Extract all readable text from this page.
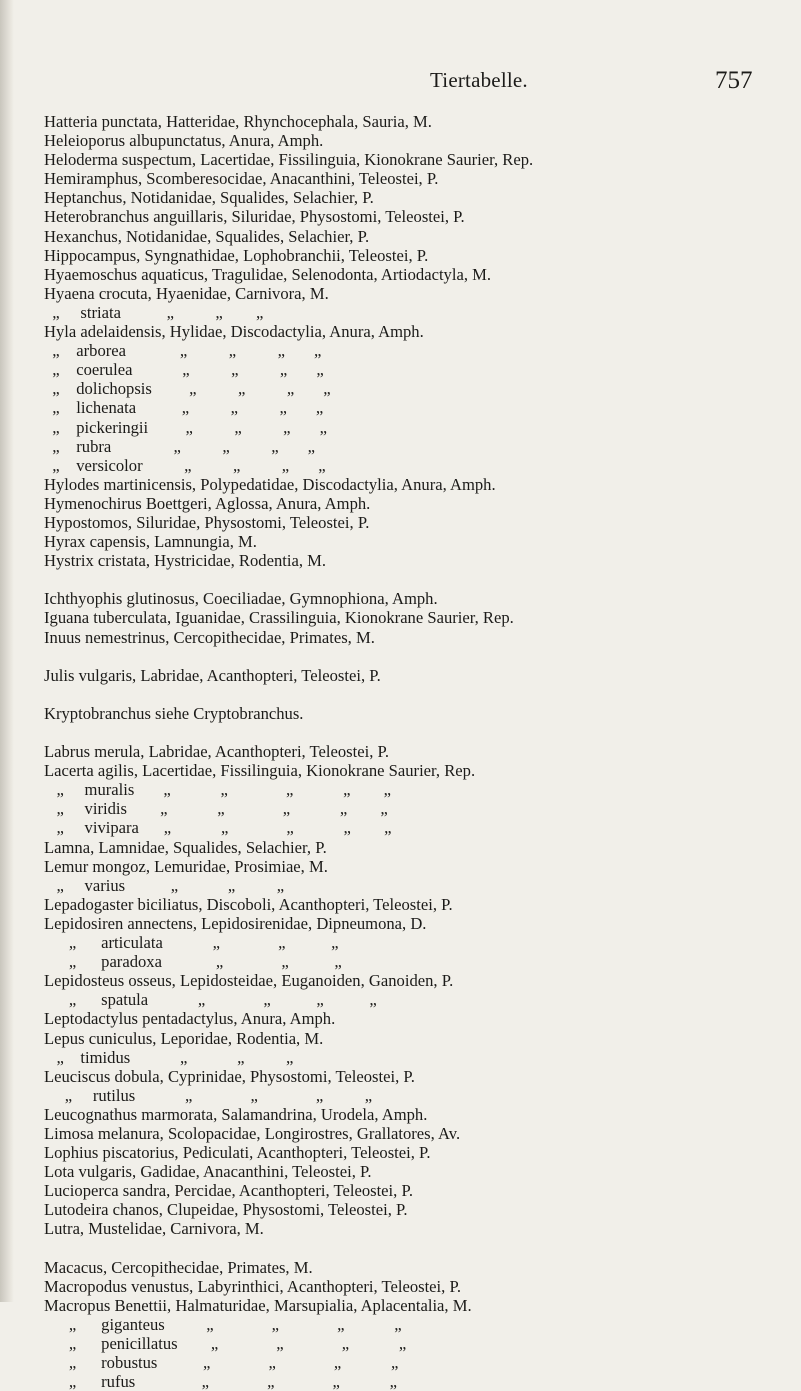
Tiertabelle.	757
Hatteria punctata, Hatteridae, Rhynchocephala, Sauria, M.
Heleioporus albupunctatus, Anura, Amph.
Heloderma suspectum, Lacertidae, Fissilinguia, Kionokrane Saurier, Rep.
Hemiramphus, Scomberesocidae, Anacanthini, Teleostei, P.
Heptanchus, Notidanidae, Squalides, Selachier, P.
Heterobranchus anguillaris, Siluridae, Physostomi, Teleostei, P.
Hexanchus, Notidanidae, Squalides, Selachier, P.
Hippocampus, Syngnathidae, Lophobranchii, Teleostei, P.
Hyaemoschus aquaticus, Tragulidae, Selenodonta, Artiodactyla, M.
Hyaena crocuta, Hyaenidae, Carnivora, M.
„     striata           „          „        „
Hyla adelaidensis, Hylidae, Discodactylia, Anura, Amph.
„    arborea             „          „          „       „
„    coerulea            „          „          „       „
„    dolichopsis         „          „          „       „
„    lichenata           „          „          „       „
„    pickeringii         „          „          „       „
„    rubra               „          „          „       „
„    versicolor          „          „          „       „
Hylodes martinicensis, Polypedatidae, Discodactylia, Anura, Amph.
Hymenochirus Boettgeri, Aglossa, Anura, Amph.
Hypostomos, Siluridae, Physostomi, Teleostei, P.
Hyrax capensis, Lamnungia, M.
Hystrix cristata, Hystricidae, Rodentia, M.
Ichthyophis glutinosus, Coeciliadae, Gymnophiona, Amph.
Iguana tuberculata, Iguanidae, Crassilinguia, Kionokrane Saurier, Rep.
Inuus nemestrinus, Cercopithecidae, Primates, M.
Julis vulgaris, Labridae, Acanthopteri, Teleostei, P.
Kryptobranchus siehe Cryptobranchus.
Labrus merula, Labridae, Acanthopteri, Teleostei, P.
Lacerta agilis, Lacertidae, Fissilinguia, Kionokrane Saurier, Rep.
„     muralis       „            „              „            „        „
„     viridis        „            „              „            „        „
„     vivipara      „            „              „            „        „
Lamna, Lamnidae, Squalides, Selachier, P.
Lemur mongoz, Lemuridae, Prosimiae, M.
„     varius           „            „          „
Lepadogaster biciliatus, Discoboli, Acanthopteri, Teleostei, P.
Lepidosiren annectens, Lepidosirenidae, Dipneumona, D.
„      articulata            „              „           „
„      paradoxa             „              „           „
Lepidosteus osseus, Lepidosteidae, Euganoiden, Ganoiden, P.
„      spatula            „              „           „           „
Leptodactylus pentadactylus, Anura, Amph.
Lepus cuniculus, Leporidae, Rodentia, M.
„    timidus            „            „          „
Leuciscus dobula, Cyprinidae, Physostomi, Teleostei, P.
„     rutilus            „              „              „          „
Leucognathus marmorata, Salamandrina, Urodela, Amph.
Limosa melanura, Scolopacidae, Longirostres, Grallatores, Av.
Lophius piscatorius, Pediculati, Acanthopteri, Teleostei, P.
Lota vulgaris, Gadidae, Anacanthini, Teleostei, P.
Lucioperca sandra, Percidae, Acanthopteri, Teleostei, P.
Lutodeira chanos, Clupeidae, Physostomi, Teleostei, P.
Lutra, Mustelidae, Carnivora, M.
Macacus, Cercopithecidae, Primates, M.
Macropodus venustus, Labyrinthici, Acanthopteri, Teleostei, P.
Macropus Benettii, Halmaturidae, Marsupialia, Aplacentalia, M.
„      giganteus          „              „              „            „
„      penicillatus        „              „              „            „
„      robustus           „              „              „            „
„      rufus                „              „              „            „
